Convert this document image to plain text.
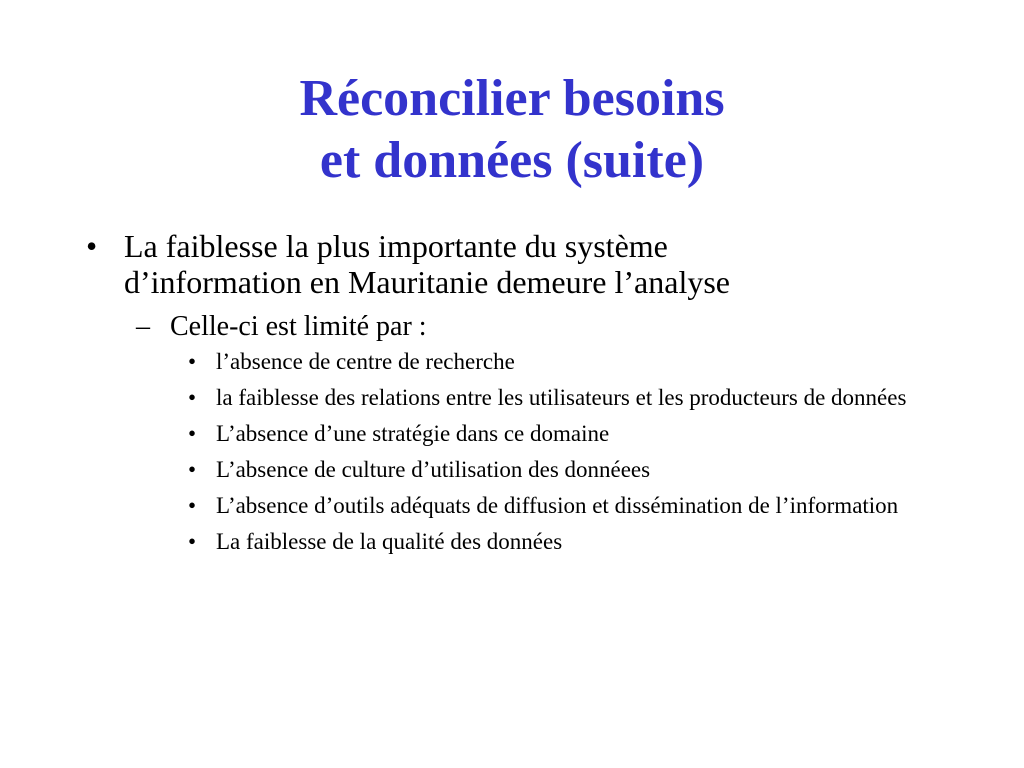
Réconcilier besoins
et données (suite)
• La faiblesse la plus importante du système
d’information en Mauritanie demeure l’analyse
– Celle-ci est limité par :
• l’absence de centre de recherche
• la faiblesse des relations entre les utilisateurs et les producteurs de données
• L’absence d’une stratégie dans ce domaine
• L’absence de culture d’utilisation des donnéees
• L’absence d’outils adéquats de diffusion et dissémination de l’information
• La faiblesse de la qualité des données
